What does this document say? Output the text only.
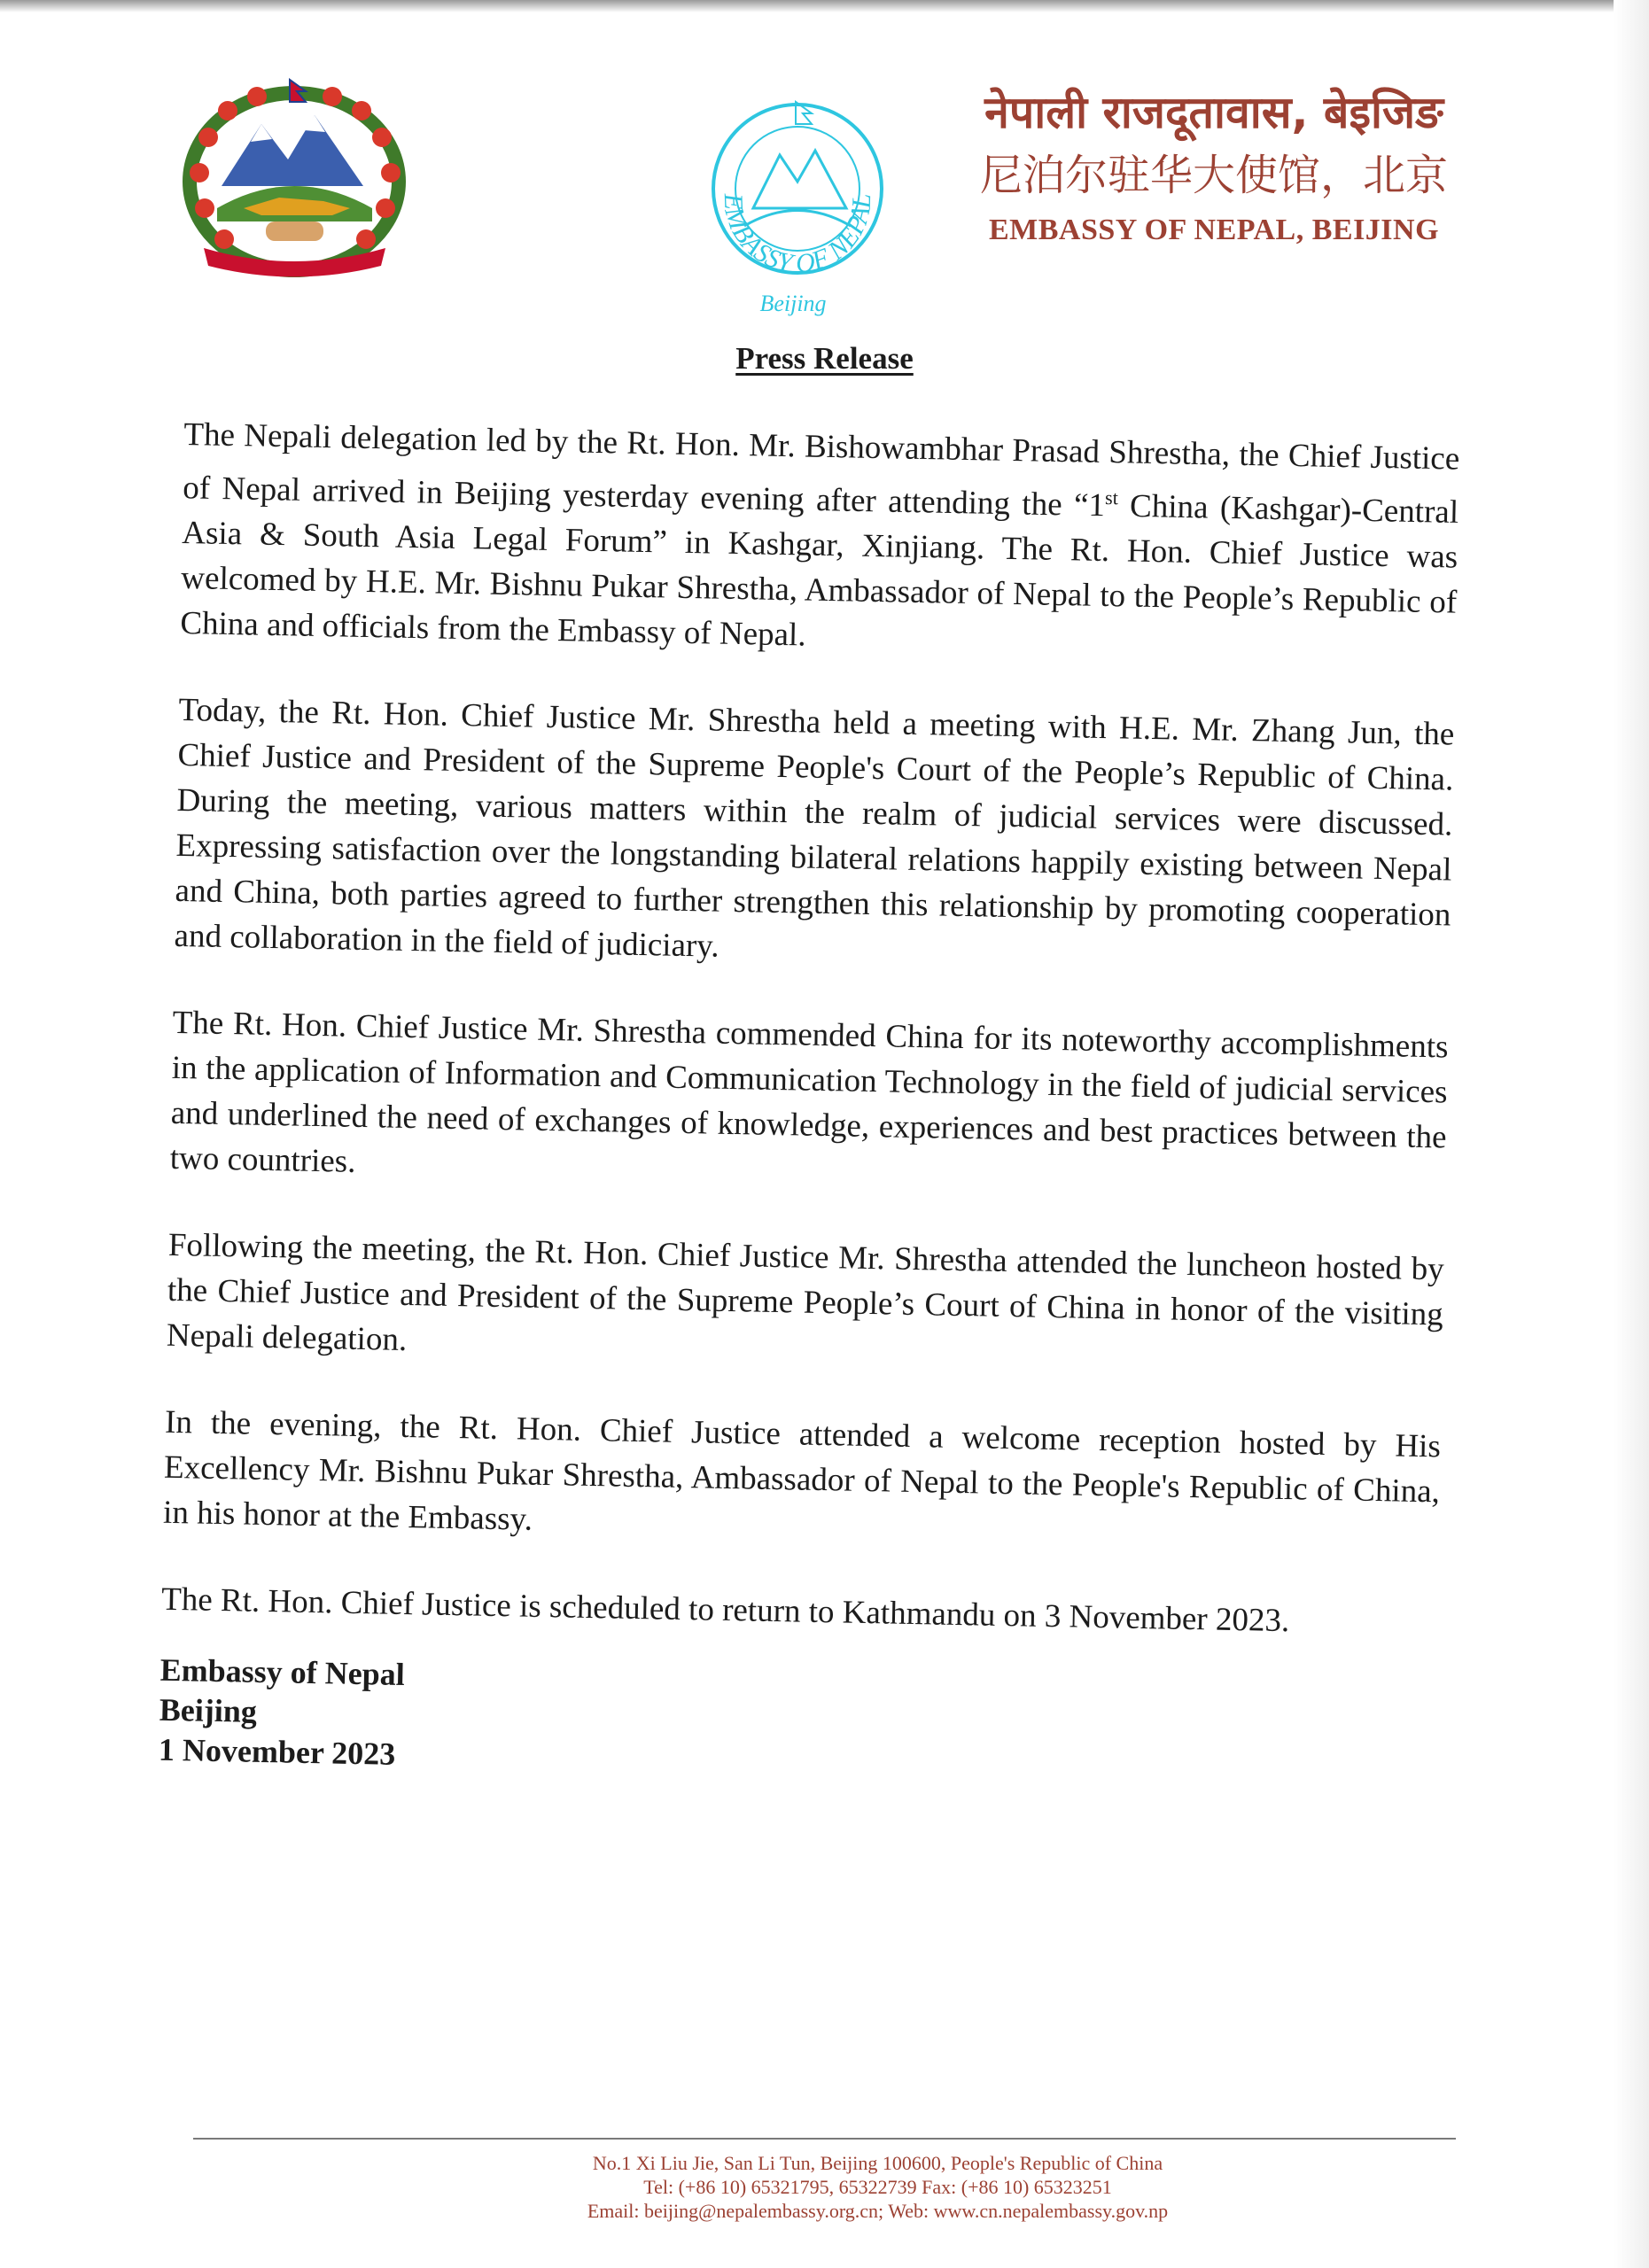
EMBASSY OF NEPAL
Beijing
नेपाली राजदूतावास, बेइजिङ
尼泊尔驻华大使馆，北京
EMBASSY OF NEPAL, BEIJING
Press Release

The Nepali delegation led by the Rt. Hon. Mr. Bishowambhar Prasad Shrestha, the Chief Justice of Nepal arrived in Beijing yesterday evening after attending the “1st China (Kashgar)-Central Asia & South Asia Legal Forum” in Kashgar, Xinjiang. The Rt. Hon. Chief Justice was welcomed by H.E. Mr. Bishnu Pukar Shrestha, Ambassador of Nepal to the People’s Republic of China and officials from the Embassy of Nepal.

Today, the Rt. Hon. Chief Justice Mr. Shrestha held a meeting with H.E. Mr. Zhang Jun, the Chief Justice and President of the Supreme People's Court of the People’s Republic of China. During the meeting, various matters within the realm of judicial services were discussed. Expressing satisfaction over the longstanding bilateral relations happily existing between Nepal and China, both parties agreed to further strengthen this relationship by promoting cooperation and collaboration in the field of judiciary.

The Rt. Hon. Chief Justice Mr. Shrestha commended China for its noteworthy accomplishments in the application of Information and Communication Technology in the field of judicial services and underlined the need of exchanges of knowledge, experiences and best practices between the two countries.

Following the meeting, the Rt. Hon. Chief Justice Mr. Shrestha attended the luncheon hosted by the Chief Justice and President of the Supreme People’s Court of China in honor of the visiting Nepali delegation.

In the evening, the Rt. Hon. Chief Justice attended a welcome reception hosted by His Excellency Mr. Bishnu Pukar Shrestha, Ambassador of Nepal to the People's Republic of China, in his honor at the Embassy.

The Rt. Hon. Chief Justice is scheduled to return to Kathmandu on 3 November 2023.

Embassy of Nepal
Beijing
1 November 2023
No.1 Xi Liu Jie, San Li Tun, Beijing 100600, People's Republic of China
Tel: (+86 10) 65321795, 65322739 Fax: (+86 10) 65323251
Email: beijing@nepalembassy.org.cn; Web: www.cn.nepalembassy.gov.np
